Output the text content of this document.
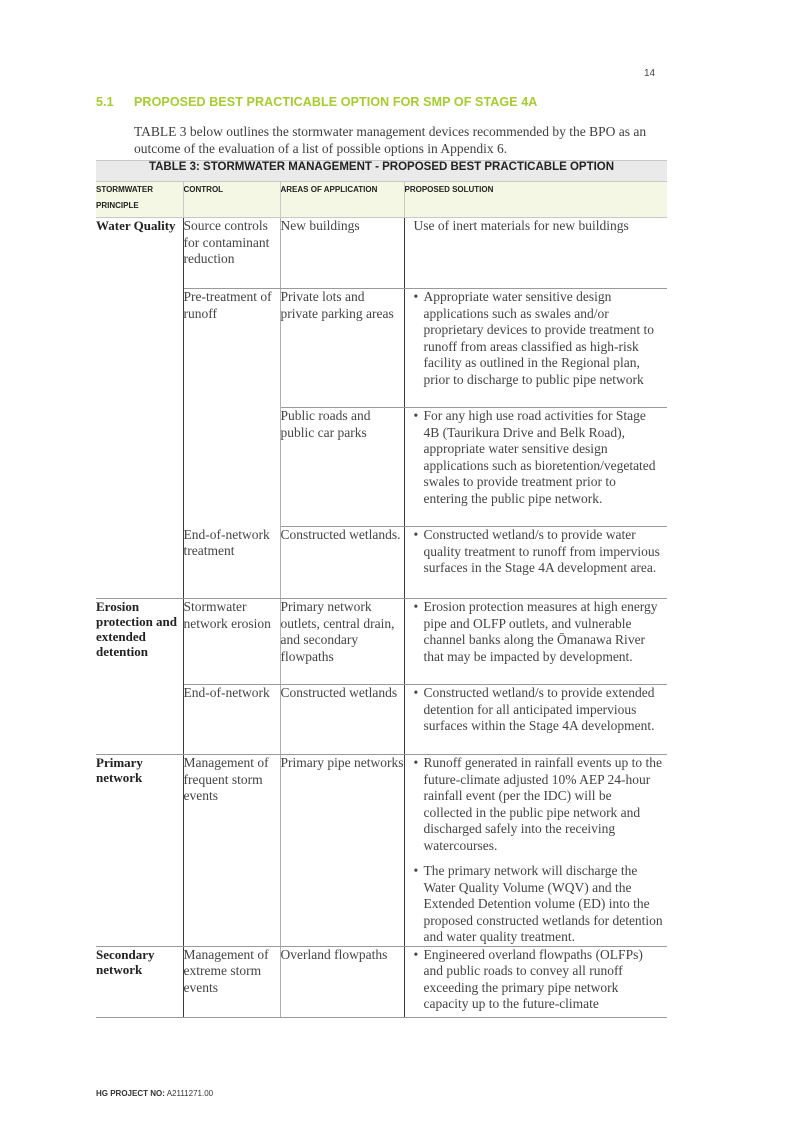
14
5.1 PROPOSED BEST PRACTICABLE OPTION FOR SMP OF STAGE 4A
TABLE 3 below outlines the stormwater management devices recommended by the BPO as an outcome of the evaluation of a list of possible options in Appendix 6.
TABLE 3: STORMWATER MANAGEMENT - PROPOSED BEST PRACTICABLE OPTION			
STORMWATER PRINCIPLE	CONTROL	AREAS OF APPLICATION	PROPOSED SOLUTION
Water Quality	Source controls for contaminant reduction	New buildings	Use of inert materials for new buildings
	Pre-treatment of runoff	Private lots and private parking areas	• Appropriate water sensitive design applications such as swales and/or proprietary devices to provide treatment to runoff from areas classified as high-risk facility as outlined in the Regional plan, prior to discharge to public pipe network

		Public roads and public car parks	• For any high use road activities for Stage 4B (Taurikura Drive and Belk Road), appropriate water sensitive design applications such as bioretention/vegetated swales to provide treatment prior to entering the public pipe network.

	End-of-network treatment	Constructed wetlands.	• Constructed wetland/s to provide water quality treatment to runoff from impervious surfaces in the Stage 4A development area.

Erosion protection and extended detention	Stormwater network erosion	Primary network outlets, central drain, and secondary flowpaths	• Erosion protection measures at high energy pipe and OLFP outlets, and vulnerable channel banks along the Ōmanawa River that may be impacted by development.

	End-of-network	Constructed wetlands	• Constructed wetland/s to provide extended detention for all anticipated impervious surfaces within the Stage 4A development.

Primary network	Management of frequent storm events	Primary pipe networks	• Runoff generated in rainfall events up to the future-climate adjusted 10% AEP 24-hour rainfall event (per the IDC) will be collected in the public pipe network and discharged safely into the receiving watercourses.
• The primary network will discharge the Water Quality Volume (WQV) and the Extended Detention volume (ED) into the proposed constructed wetlands for detention and water quality treatment.

Secondary network	Management of extreme storm events	Overland flowpaths	• Engineered overland flowpaths (OLFPs) and public roads to convey all runoff exceeding the primary pipe network capacity up to the future-climate
HG PROJECT NO: A2111271.00
